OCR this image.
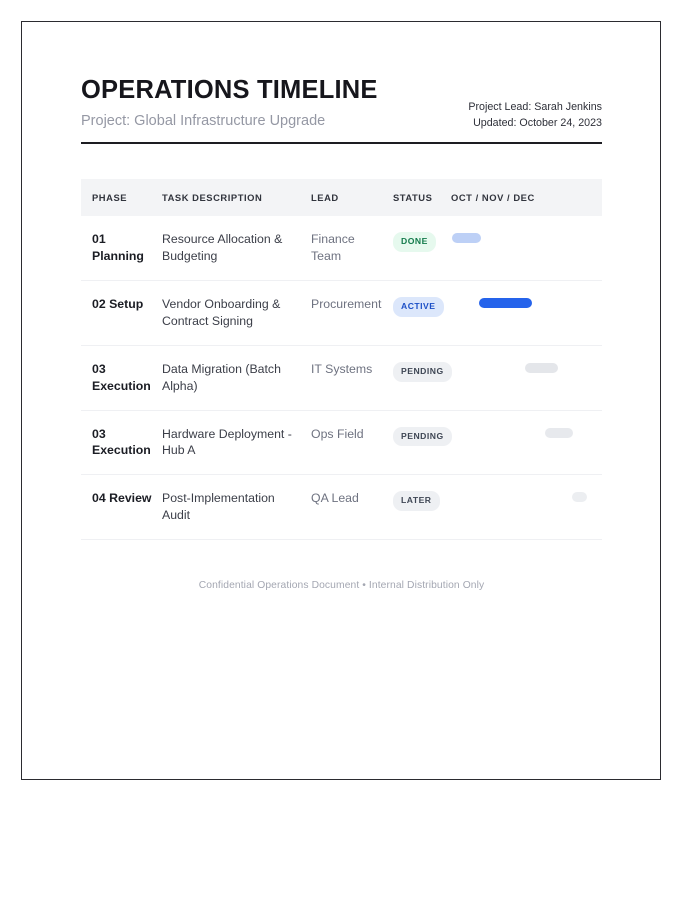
OPERATIONS TIMELINE
Project: Global Infrastructure Upgrade
Project Lead: Sarah Jenkins
Updated: October 24, 2023
PHASE	TASK DESCRIPTION	LEAD	STATUS	OCT / NOV / DEC
01 Planning	Resource Allocation & Budgeting	Finance Team	DONE	

02 Setup	Vendor Onboarding & Contract Signing	Procurement	ACTIVE	

03 Execution	Data Migration (Batch Alpha)	IT Systems	PENDING	

03 Execution	Hardware Deployment - Hub A	Ops Field	PENDING	

04 Review	Post-Implementation Audit	QA Lead	LATER	
Confidential Operations Document • Internal Distribution Only
